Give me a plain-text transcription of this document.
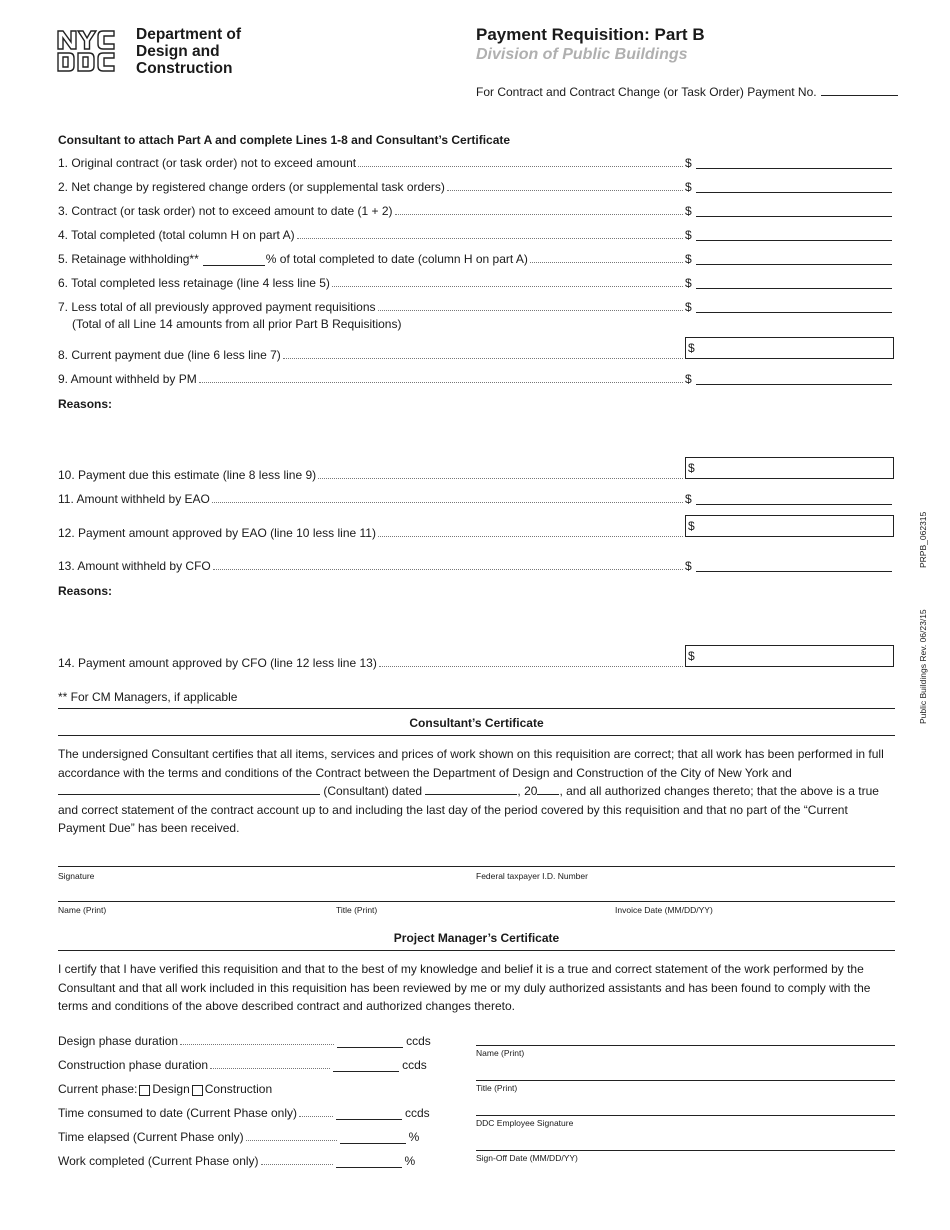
Department of
Design and
Construction
Payment Requisition: Part B
Division of Public Buildings
For Contract and Contract Change (or Task Order) Payment No.
Consultant to attach Part A and complete Lines 1-8 and Consultant’s Certificate
1. Original contract (or task order) not to exceed amount	$
2. Net change by registered change orders (or supplemental task orders)	$
3. Contract (or task order) not to exceed amount to date (1 + 2)	$
4. Total completed (total column H on part A)	$
5. Retainage withholding**	% of total completed to date (column H on part A)	$
6. Total completed less retainage (line 4 less line 5)	$
7. Less total of all previously approved payment requisitions	$
(Total of all Line 14 amounts from all prior Part B Requisitions)
8. Current payment due (line 6 less line 7)	$
9. Amount withheld by PM	$
Reasons:
10. Payment due this estimate (line 8 less line 9)	$
11. Amount withheld by EAO	$
12. Payment amount approved by EAO (line 10 less line 11)	$
13. Amount withheld by CFO	$
Reasons:
14. Payment amount approved by CFO (line 12 less line 13)	$
** For CM Managers, if applicable
Consultant’s Certificate
The undersigned Consultant certifies that all items, services and prices of work shown on this requisition are correct; that all work has been performed in full accordance with the terms and conditions of the Contract between the Department of Design and Construction of the City of New York and
(Consultant) dated	, 20 , and all authorized changes thereto; that the above is a true
and correct statement of the contract account up to and including the last day of the period covered by this requisition and that no part of the “Current Payment Due” has been received.
Signature	Federal taxpayer I.D. Number
Name (Print)	Title (Print)	Invoice Date (MM/DD/YY)
Project Manager’s Certificate
I certify that I have verified this requisition and that to the best of my knowledge and belief it is a true and correct statement of the work performed by the Consultant and that all work included in this requisition has been reviewed by me or my duly authorized assistants and has been found to comply with the terms and conditions of the above described contract and authorized changes thereto.
Design phase duration	ccds
Construction phase duration	ccds
Current phase: Design Construction
Time consumed to date (Current Phase only)	ccds
Time elapsed (Current Phase only)	%
Work completed (Current Phase only)	%
Name (Print)
Title (Print)
DDC Employee Signature
Sign-Off Date (MM/DD/YY)
PRPB_062315
Public Buildings Rev. 06/23/15
